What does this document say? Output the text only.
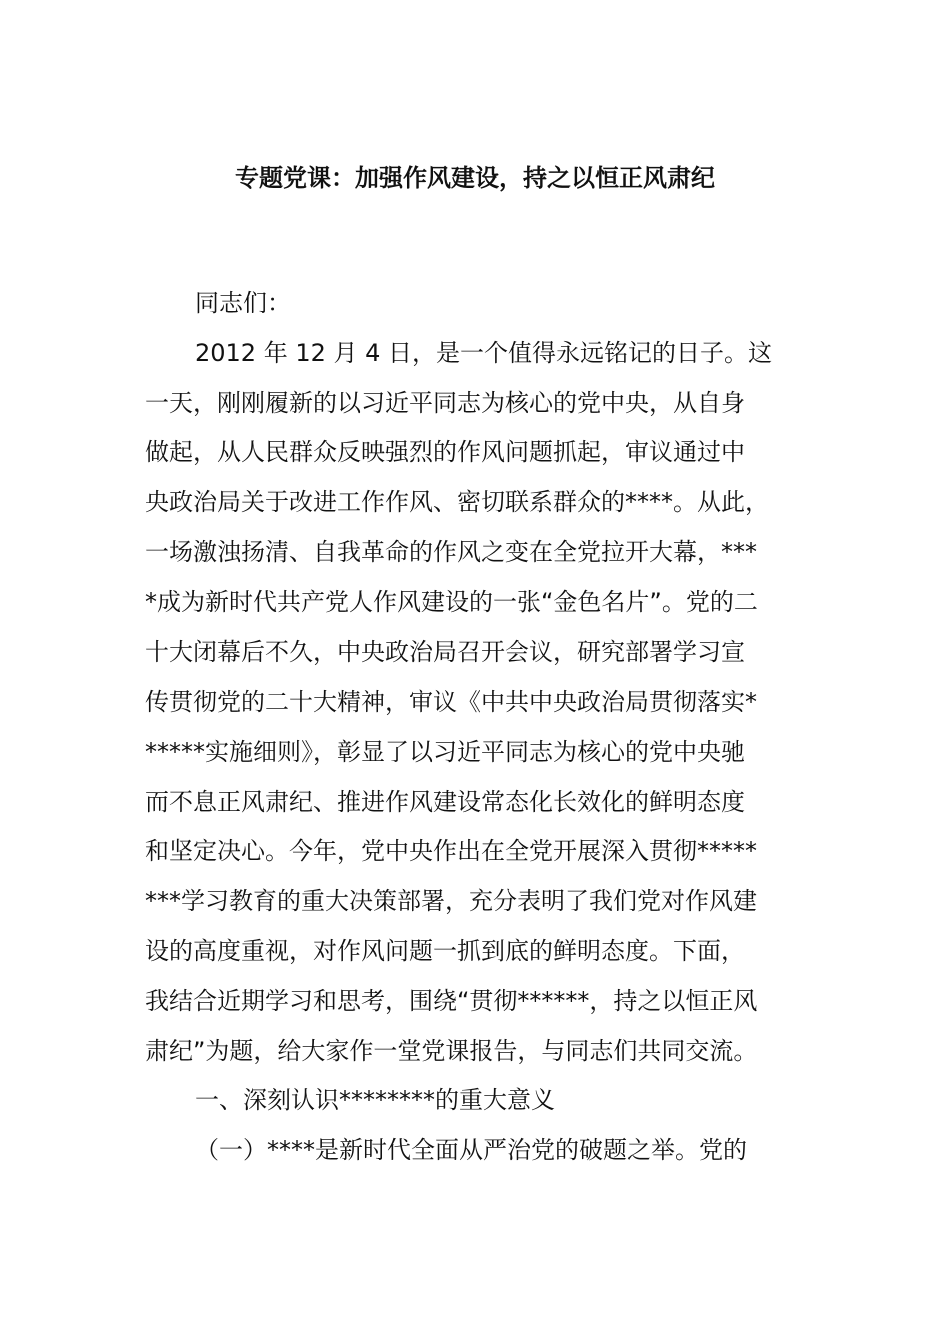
专题党课：加强作风建设，持之以恒正风肃纪

同志们：

2012 年 12 月 4 日，是一个值得永远铭记的日子。这

一天，刚刚履新的以习近平同志为核心的党中央，从自身

做起，从人民群众反映强烈的作风问题抓起，审议通过中

央政治局关于改进工作作风、密切联系群众的****。从此，

一场激浊扬清、自我革命的作风之变在全党拉开大幕，***

*成为新时代共产党人作风建设的一张“金色名片”。党的二

十大闭幕后不久，中央政治局召开会议，研究部署学习宣

传贯彻党的二十大精神，审议《中共中央政治局贯彻落实*

*****实施细则》，彰显了以习近平同志为核心的党中央驰

而不息正风肃纪、推进作风建设常态化长效化的鲜明态度

和坚定决心。今年，党中央作出在全党开展深入贯彻*****

***学习教育的重大决策部署，充分表明了我们党对作风建

设的高度重视，对作风问题一抓到底的鲜明态度。下面，

我结合近期学习和思考，围绕“贯彻******，持之以恒正风

肃纪”为题，给大家作一堂党课报告，与同志们共同交流。

一、深刻认识********的重大意义

（一）****是新时代全面从严治党的破题之举。党的
